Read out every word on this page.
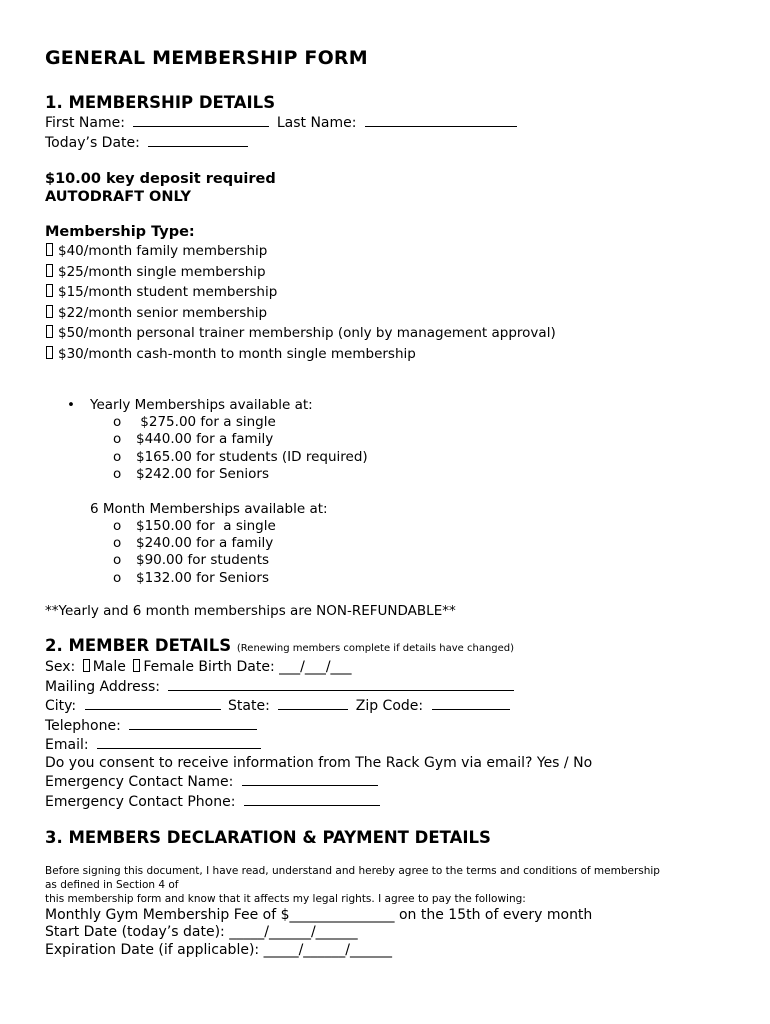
GENERAL MEMBERSHIP FORM
1. MEMBERSHIP DETAILS
First Name:	Last Name:
Today’s Date:
$10.00 key deposit required
AUTODRAFT ONLY
Membership Type:
$40/month family membership
$25/month single membership
$15/month student membership
$22/month senior membership
$50/month personal trainer membership (only by management approval)
$30/month cash-month to month single membership
• Yearly Memberships available at:
o $275.00 for a single
o $440.00 for a family
o $165.00 for students (ID required)
o $242.00 for Seniors
6 Month Memberships available at:
o $150.00 for  a single
o $240.00 for a family
o $90.00 for students
o $132.00 for Seniors
**Yearly and 6 month memberships are NON-REFUNDABLE**
2. MEMBER DETAILS (Renewing members complete if details have changed)
Sex: Male Female Birth Date: ___/___/___
Mailing Address:
City:	State:	Zip Code:
Telephone:
Email:
Do you consent to receive information from The Rack Gym via email? Yes / No
Emergency Contact Name:
Emergency Contact Phone:
3. MEMBERS DECLARATION & PAYMENT DETAILS
Before signing this document, I have read, understand and hereby agree to the terms and conditions of membership
as defined in Section 4 of
this membership form and know that it affects my legal rights. I agree to pay the following:
Monthly Gym Membership Fee of $_______________ on the 15th of every month
Start Date (today’s date): _____/______/______
Expiration Date (if applicable): _____/______/______
